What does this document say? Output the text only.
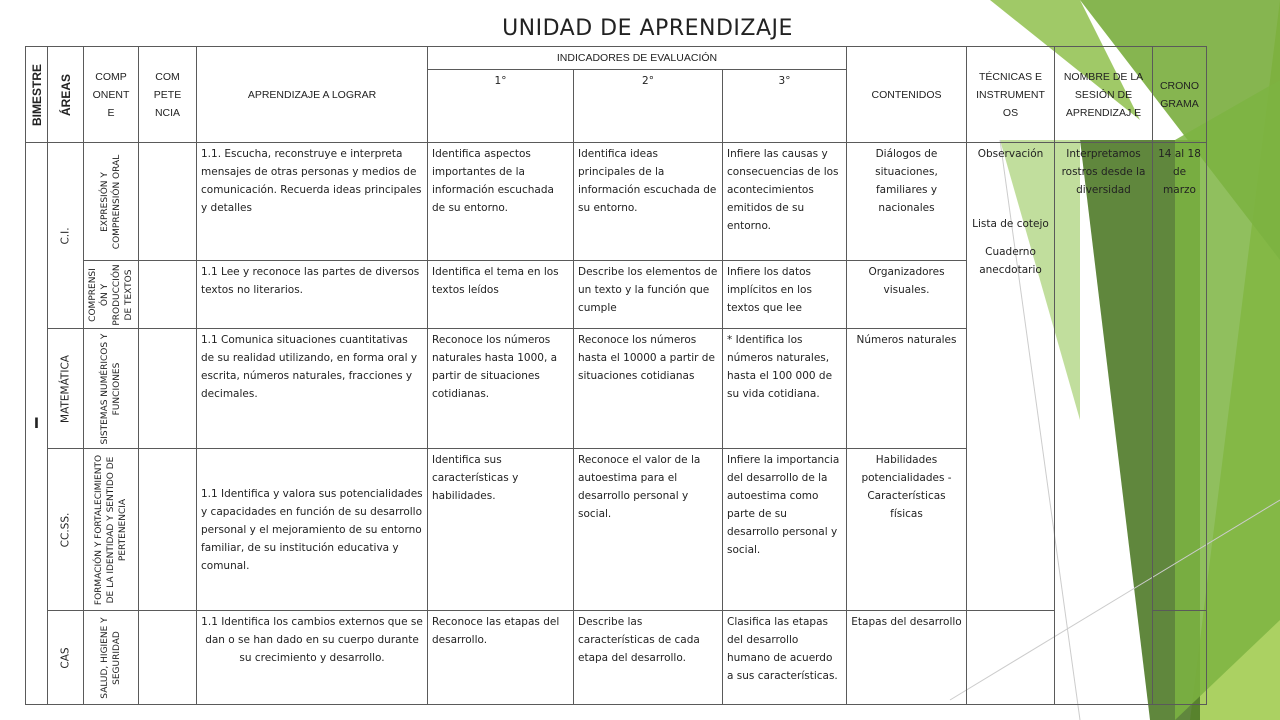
UNIDAD DE APRENDIZAJE
BIMESTRE	ÁREAS	COMP ONENT E	COM PETE NCIA	APRENDIZAJE A LOGRAR	INDICADORES DE EVALUACIÓN			CONTENIDOS	TÉCNICAS E INSTRUMENT OS	NOMBRE DE LA SESIÓN DE APRENDIZAJ E	CRONO GRAMA
					1°	2°	3°				

I	C.I.	EXPRESIÓN Y COMPRENSIÓN ORAL		1.1. Escucha, reconstruye e interpreta mensajes de otras personas y medios de comunicación. Recuerda ideas principales y detalles	Identifica aspectos importantes de la información escuchada de su entorno.	Identifica ideas principales de la información escuchada de su entorno.	Infiere las causas y consecuencias de los acontecimientos emitidos de su entorno.	Diálogos de situaciones, familiares y nacionales	Observación
Lista de cotejo
Cuaderno anecdotario	Interpretamos rostros desde la diversidad	14 al 18 de marzo

		COMPRENSI ÓN Y PRODUCCIÓN DE TEXTOS		1.1 Lee y reconoce las partes de diversos textos no literarios.	Identifica el tema en los textos leídos	Describe los elementos de un texto y la función que cumple	Infiere los datos implícitos en los textos que lee	Organizadores visuales.			

	MATEMÁTICA	SISTEMAS NUMÉRICOS Y FUNCIONES		1.1 Comunica situaciones cuantitativas de su realidad utilizando, en forma oral y escrita, números naturales, fracciones y decimales.	Reconoce los números naturales hasta 1000, a partir de situaciones cotidianas.	Reconoce los números hasta el 10000 a partir de situaciones cotidianas	* Identifica los números naturales, hasta el 100 000 de su vida cotidiana.	Números naturales			

	CC.SS.	FORMACIÓN Y FORTALECIMIENTO DE LA IDENTIDAD Y SENTIDO DE PERTENENCIA		1.1 Identifica y valora sus potencialidades y capacidades en función de su desarrollo personal y el mejoramiento de su entorno familiar, de su institución educativa y comunal.	Identifica sus características y habilidades.	Reconoce el valor de la autoestima para el desarrollo personal y social.	Infiere la importancia del desarrollo de la autoestima como parte de su desarrollo personal y social.	Habilidades potencialidades -Características físicas			

	CAS	SALUD, HIGIENE Y SEGURIDAD		1.1 Identifica los cambios externos que se dan o se han dado en su cuerpo durante su crecimiento y desarrollo.	Reconoce las etapas del desarrollo.	Describe las características de cada etapa del desarrollo.	Clasifica las etapas del desarrollo humano de acuerdo a sus características.	Etapas del desarrollo			
